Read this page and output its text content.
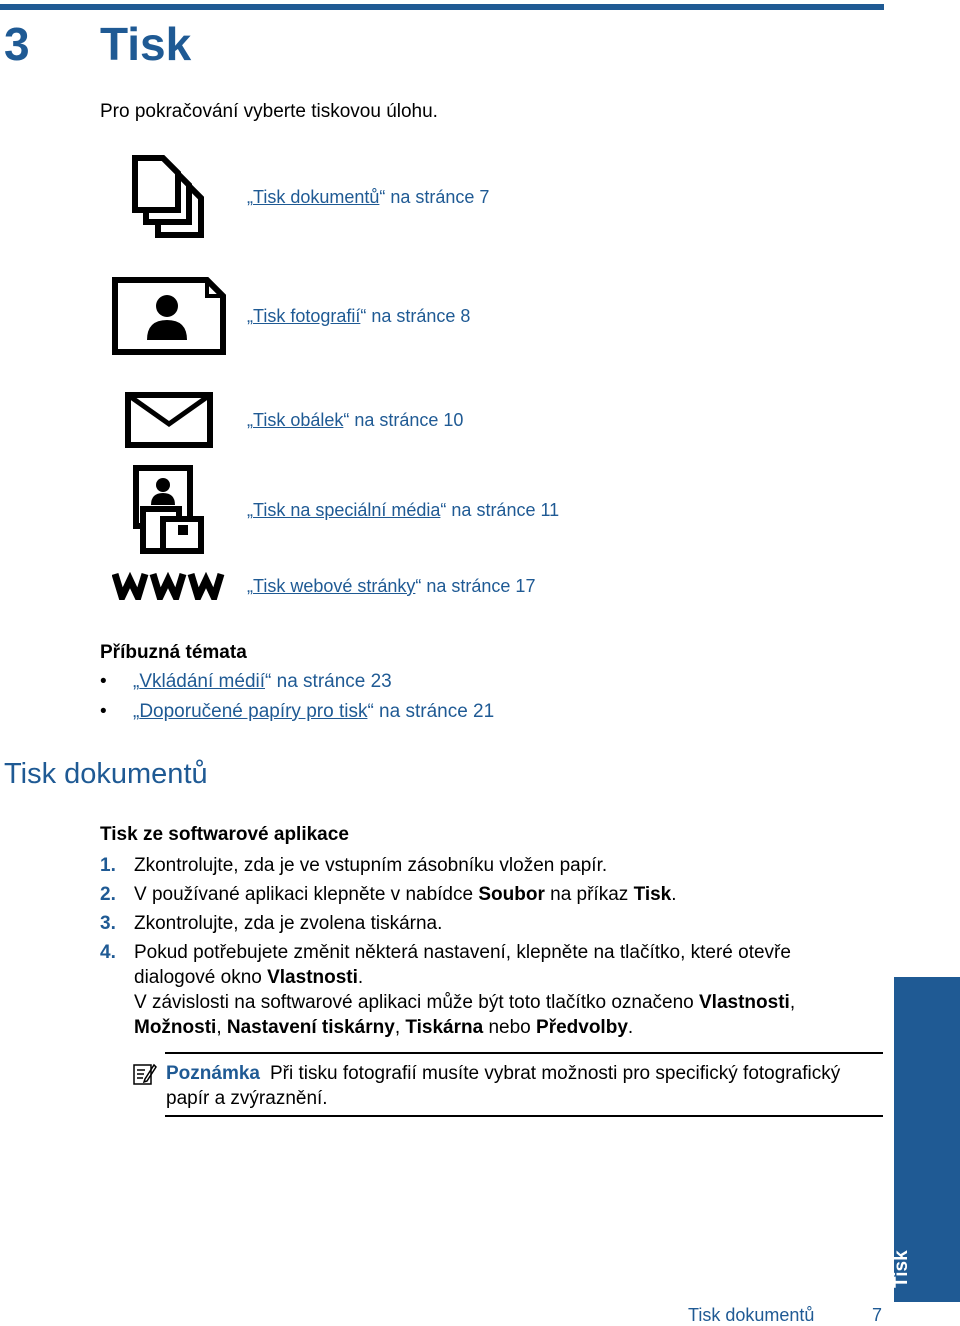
3 Tisk
Pro pokračování vyberte tiskovou úlohu.
„Tisk dokumentů“ na stránce 7
„Tisk fotografií“ na stránce 8
„Tisk obálek“ na stránce 10
„Tisk na speciální média“ na stránce 11
„Tisk webové stránky“ na stránce 17
Příbuzná témata
• „Vkládání médií“ na stránce 23
• „Doporučené papíry pro tisk“ na stránce 21
Tisk dokumentů
Tisk ze softwarové aplikace
1. Zkontrolujte, zda je ve vstupním zásobníku vložen papír.
2. V používané aplikaci klepněte v nabídce Soubor na příkaz Tisk.
3. Zkontrolujte, zda je zvolena tiskárna.
4. Pokud potřebujete změnit některá nastavení, klepněte na tlačítko, které otevře dialogové okno Vlastnosti.
V závislosti na softwarové aplikaci může být toto tlačítko označeno Vlastnosti, Možnosti, Nastavení tiskárny, Tiskárna nebo Předvolby.
Poznámka Při tisku fotografií musíte vybrat možnosti pro specifický fotografický papír a zvýraznění.
Tisk
Tisk dokumentů	7
